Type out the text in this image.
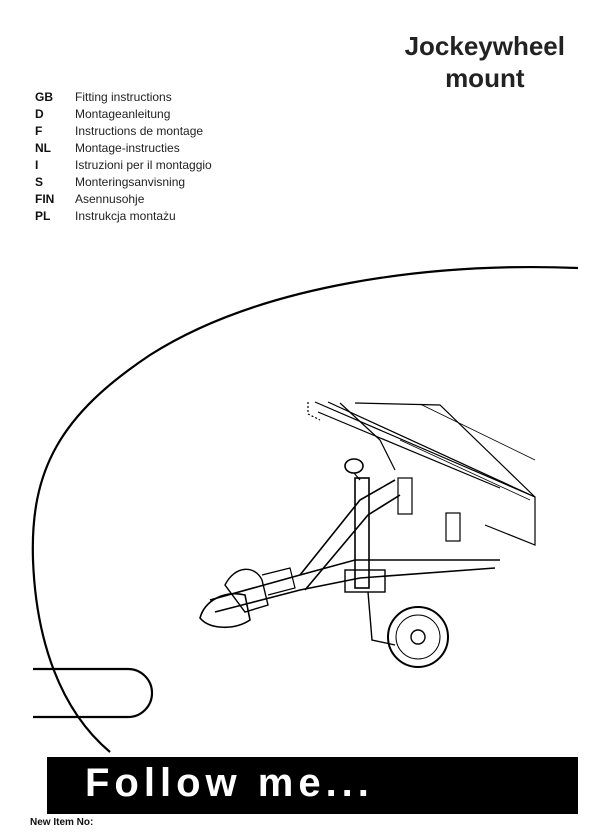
Jockeywheel
mount
GB	Fitting instructions
D	Montageanleitung
F	Instructions de montage
NL	Montage-instructies
I	Istruzioni per il montaggio
S	Monteringsanvisning
FIN	Asennusohje
PL	Instrukcja montażu
Follow me...
New Item No:
